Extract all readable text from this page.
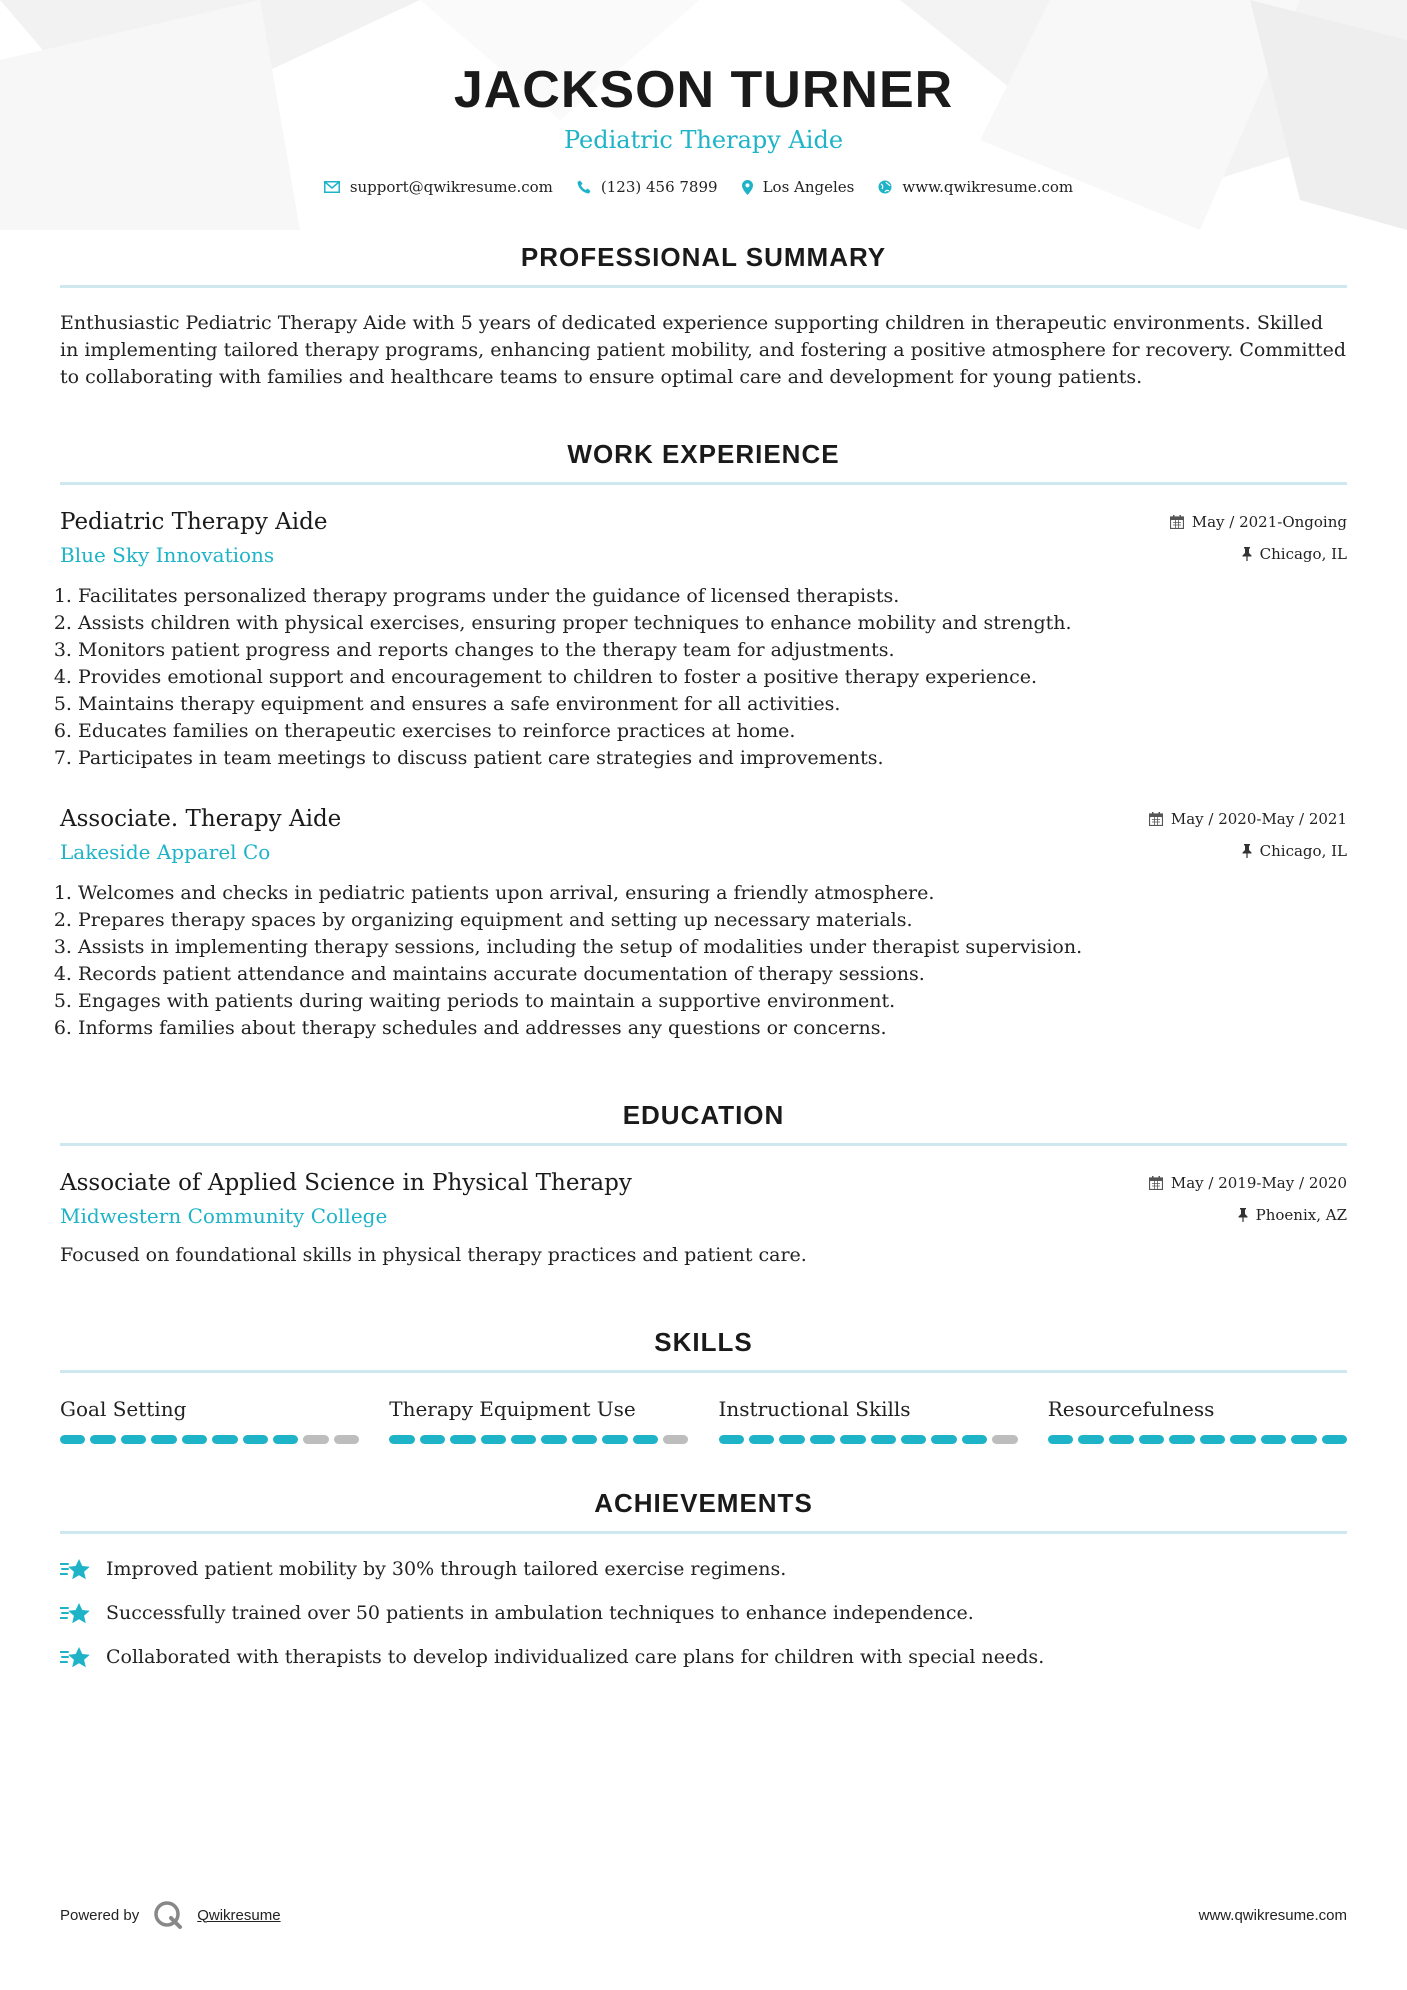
JACKSON TURNER
Pediatric Therapy Aide
support@qwikresume.com	(123) 456 7899	Los Angeles	www.qwikresume.com
PROFESSIONAL SUMMARY

Enthusiastic Pediatric Therapy Aide with 5 years of dedicated experience supporting children in therapeutic environments. Skilled in implementing tailored therapy programs, enhancing patient mobility, and fostering a positive atmosphere for recovery. Committed to collaborating with families and healthcare teams to ensure optimal care and development for young patients.

WORK EXPERIENCE
Pediatric Therapy Aide
Blue Sky Innovations
May / 2021-Ongoing
Chicago, IL
1. Facilitates personalized therapy programs under the guidance of licensed therapists.
2. Assists children with physical exercises, ensuring proper techniques to enhance mobility and strength.
3. Monitors patient progress and reports changes to the therapy team for adjustments.
4. Provides emotional support and encouragement to children to foster a positive therapy experience.
5. Maintains therapy equipment and ensures a safe environment for all activities.
6. Educates families on therapeutic exercises to reinforce practices at home.
7. Participates in team meetings to discuss patient care strategies and improvements.
Associate. Therapy Aide
Lakeside Apparel Co
May / 2020-May / 2021
Chicago, IL
1. Welcomes and checks in pediatric patients upon arrival, ensuring a friendly atmosphere.
2. Prepares therapy spaces by organizing equipment and setting up necessary materials.
3. Assists in implementing therapy sessions, including the setup of modalities under therapist supervision.
4. Records patient attendance and maintains accurate documentation of therapy sessions.
5. Engages with patients during waiting periods to maintain a supportive environment.
6. Informs families about therapy schedules and addresses any questions or concerns.
EDUCATION
Associate of Applied Science in Physical Therapy
Midwestern Community College
May / 2019-May / 2020
Phoenix, AZ
Focused on foundational skills in physical therapy practices and patient care.
SKILLS
Goal Setting	Therapy Equipment Use	Instructional Skills	Resourcefulness
ACHIEVEMENTS
Improved patient mobility by 30% through tailored exercise regimens.
Successfully trained over 50 patients in ambulation techniques to enhance independence.
Collaborated with therapists to develop individualized care plans for children with special needs.
Powered by	Qwikresume	www.qwikresume.com
